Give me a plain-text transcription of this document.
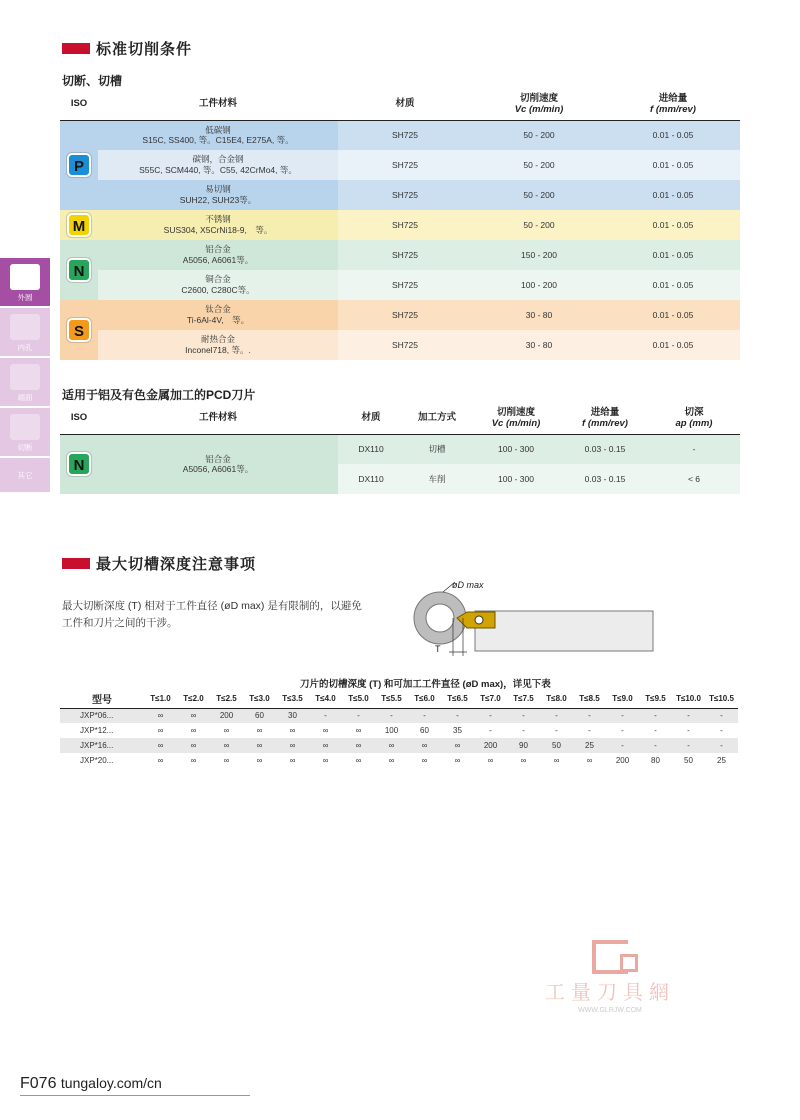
标准切削条件
切断、切槽
ISO	工件材料	材质	切削速度
Vc (m/min)	进给量
f (mm/rev)
P	低碳钢
S15C, SS400, 等。C15E4, E275A, 等。	SH725	50 - 200	0.01 - 0.05
	碳钢，合金钢
S55C, SCM440, 等。C55, 42CrMo4, 等。	SH725	50 - 200	0.01 - 0.05
	易切钢
SUH22, SUH23等。	SH725	50 - 200	0.01 - 0.05
M	不锈钢
SUS304, X5CrNi18-9,　等。	SH725	50 - 200	0.01 - 0.05
N	铝合金
A5056, A6061等。	SH725	150 - 200	0.01 - 0.05
	铜合金
C2600, C280C等。	SH725	100 - 200	0.01 - 0.05
S	钛合金
Ti-6Al-4V,　等。	SH725	30 - 80	0.01 - 0.05
	耐热合金
Inconel718, 等。.	SH725	30 - 80	0.01 - 0.05
适用于铝及有色金属加工的PCD刀片
ISO	工件材料	材质	加工方式	切削速度
Vc (m/min)	进给量
f (mm/rev)	切深
ap (mm)
N	铝合金
A5056, A6061等。	DX110	切槽	100 - 300	0.03 - 0.15	-
		DX110	车削	100 - 300	0.03 - 0.15	< 6
外圆
内孔
端面
切断
其它
最大切槽深度注意事项
最大切断深度 (T) 相对于工件直径 (øD max) 是有限制的，以避免工件和刀片之间的干涉。
øD max
T
刀片的切槽深度 (T) 和可加工工件直径 (øD max)，详见下表
型号	T≤1.0	T≤2.0	T≤2.5	T≤3.0	T≤3.5	T≤4.0	T≤5.0	T≤5.5	T≤6.0	T≤6.5	T≤7.0	T≤7.5	T≤8.0	T≤8.5	T≤9.0	T≤9.5	T≤10.0	T≤10.5
JXP*06...	∞	∞	200	60	30	-	-	-	-	-	-	-	-	-	-	-	-	-
JXP*12...	∞	∞	∞	∞	∞	∞	∞	100	60	35	-	-	-	-	-	-	-	-
JXP*16...	∞	∞	∞	∞	∞	∞	∞	∞	∞	∞	200	90	50	25	-	-	-	-
JXP*20...	∞	∞	∞	∞	∞	∞	∞	∞	∞	∞	∞	∞	∞	∞	200	80	50	25
工量刀具網
WWW.GLRJW.COM
F076 tungaloy.com/cn
